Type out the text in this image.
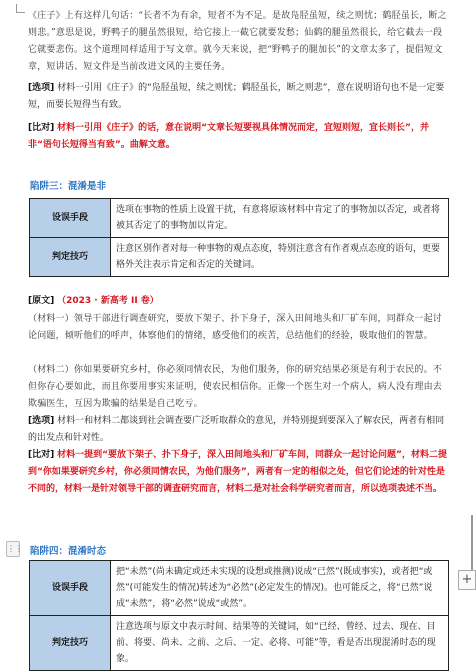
《庄子》上有这样几句话：“长者不为有余，短者不为不足。是故凫胫虽短，续之则忧；鹤胫虽长，断之则悲。”意思是说，野鸭子的腿虽然很短，给它接上一截它就要发愁；仙鹤的腿虽然很长，给它截去一段它就要悲伤。这个道理同样适用于写文章。就今天来说，把“野鸭子的腿加长”的文章太多了，提倡短文章，短讲话、短文件是当前改进文风的主要任务。
[选项] 材料一引用《庄子》的“凫胫虽短，续之则忧；鹤胫虽长，断之则悲”，意在说明语句也不是一定要短，而要长短得当有致。
[比对] 材料一引用《庄子》的话，意在说明“文章长短要视具体情况而定，宜短则短，宜长则长”，并非“语句长短得当有致”。曲解文意。
陷阱三：混淆是非
设误手段	选项在事物的性质上设置干扰，有意将原该材料中肯定了的事物加以否定，或者将被其否定了的事物加以肯定。
判定技巧	注意区别作者对每一种事物的观点态度，特别注意含有作者观点态度的语句，更要格外关注表示肯定和否定的关键词。
[原文] （2023 · 新高考 II 卷）
（材料一）领导干部进行调查研究，要放下架子、扑下身子，深入田间地头和厂矿车间，同群众一起讨论问题，倾听他们的呼声，体察他们的情绪，感受他们的疾苦，总结他们的经验，吸取他们的智慧。
（材料二）你如果要研究乡村，你必须同情农民，为他们服务，你的研究结果必须是有利于农民的。不但你存心要如此，而且你要用事实来证明，使农民相信你。正像一个医生对一个病人，病人没有理由去欺骗医生，互因为欺骗的结果是自己吃亏。
[选项] 材料一和材料二都谈到社会调查要广泛听取群众的意见，并特别提到要深入了解农民，两者有相同的出发点和针对性。
[比对] 材料一提到“要放下架子、扑下身子，深入田间地头和厂矿车间，同群众一起讨论问题”，材料二提到“你如果要研究乡村，你必须同情农民，为他们服务”，两者有一定的相似之处，但它们论述的针对性是不同的，材料一是针对领导干部的调查研究而言，材料二是对社会科学研究者而言，所以选项表述不当。
⋮⋮ 陷阱四：混淆时态
设误手段	把“未然”(尚未确定或还未实现的设想或推测)说成“已然”(既成事实)，或者把“或然”(可能发生的情况)转述为“必然”(必定发生的情况)。也可能反之，将“已然”说成“未然”，将“必然”说成“或然”。
判定技巧	注意选项与原文中表示时间、结果等的关键词，如“已经、曾经、过去、现在、目前、将要、尚未、之前、之后、一定、必将、可能”等，看是否出现混淆时态的现象。
+
